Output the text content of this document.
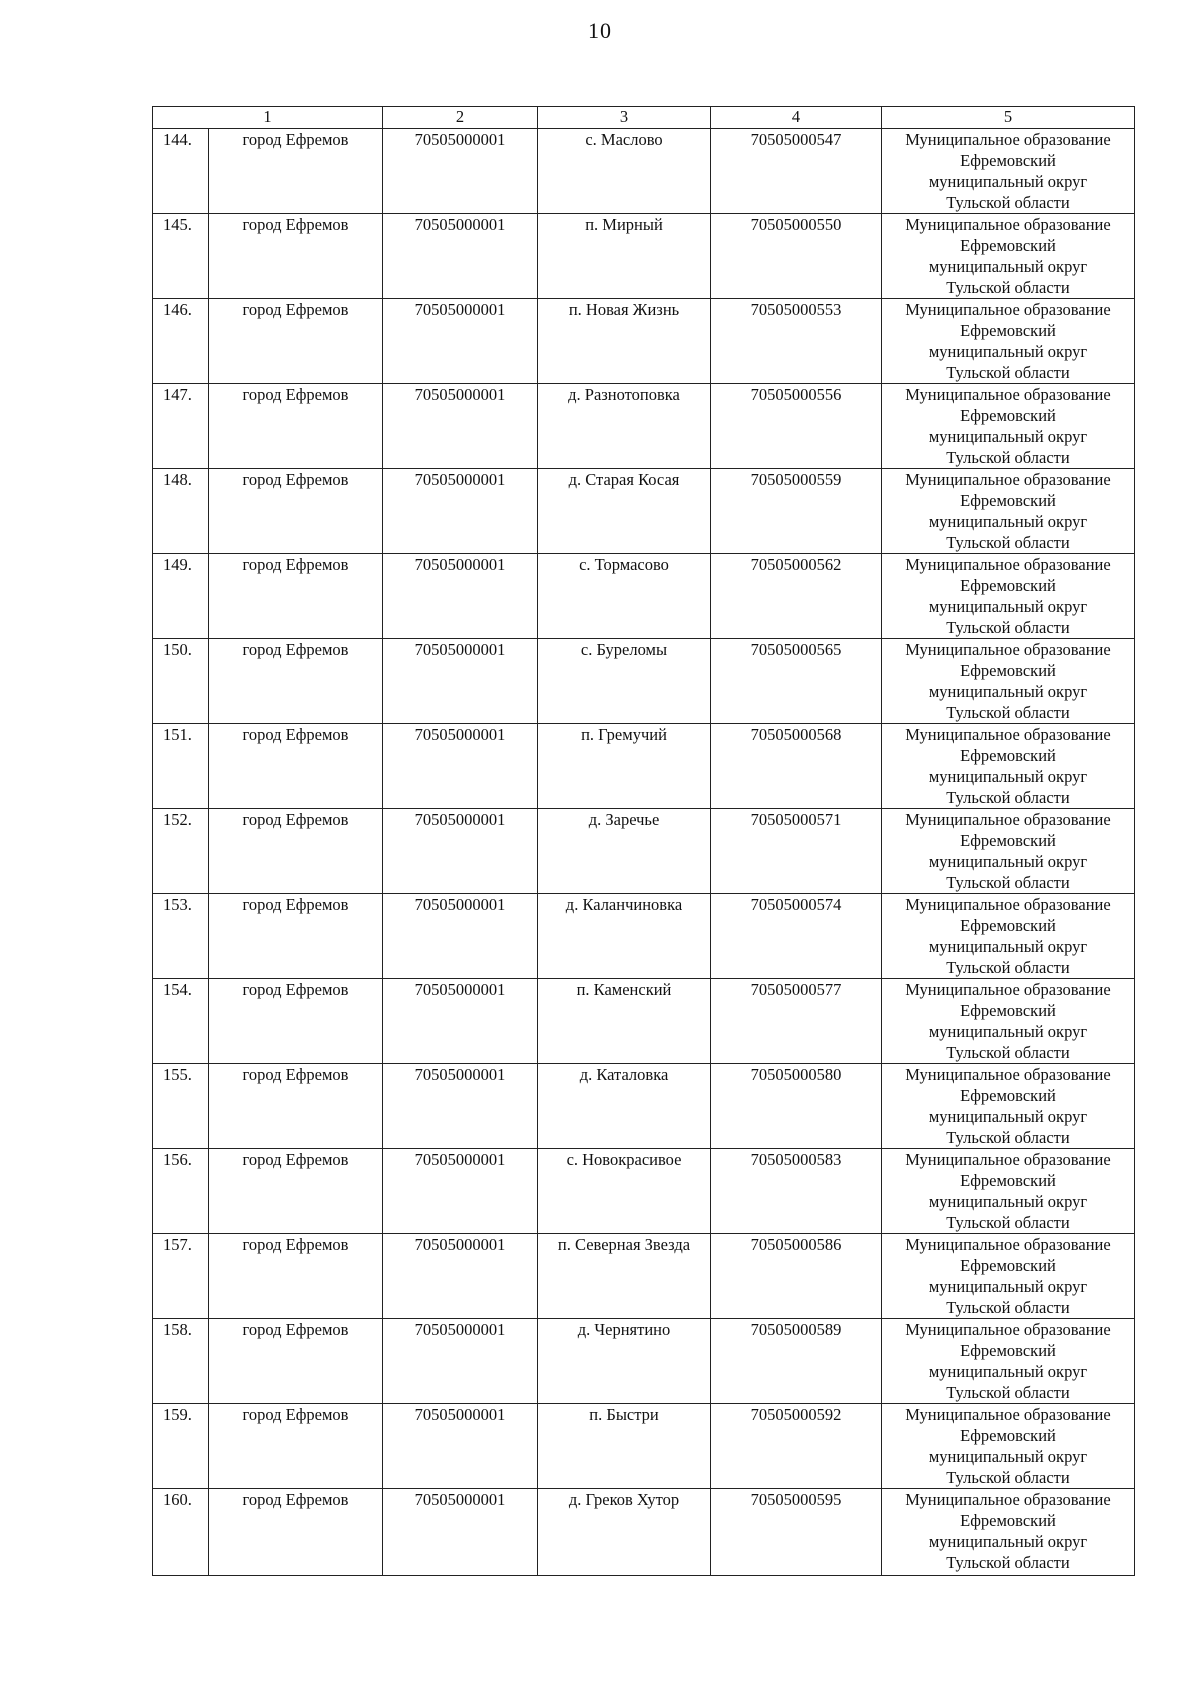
10
1		2	3	4	5
144.	город Ефремов	70505000001	с. Маслово	70505000547	Муниципальное образование
Ефремовский
муниципальный округ
Тульской области

145.	город Ефремов	70505000001	п. Мирный	70505000550	Муниципальное образование
Ефремовский
муниципальный округ
Тульской области

146.	город Ефремов	70505000001	п. Новая Жизнь	70505000553	Муниципальное образование
Ефремовский
муниципальный округ
Тульской области

147.	город Ефремов	70505000001	д. Разнотоповка	70505000556	Муниципальное образование
Ефремовский
муниципальный округ
Тульской области

148.	город Ефремов	70505000001	д. Старая Косая	70505000559	Муниципальное образование
Ефремовский
муниципальный округ
Тульской области

149.	город Ефремов	70505000001	с. Тормасово	70505000562	Муниципальное образование
Ефремовский
муниципальный округ
Тульской области

150.	город Ефремов	70505000001	с. Буреломы	70505000565	Муниципальное образование
Ефремовский
муниципальный округ
Тульской области

151.	город Ефремов	70505000001	п. Гремучий	70505000568	Муниципальное образование
Ефремовский
муниципальный округ
Тульской области

152.	город Ефремов	70505000001	д. Заречье	70505000571	Муниципальное образование
Ефремовский
муниципальный округ
Тульской области

153.	город Ефремов	70505000001	д. Каланчиновка	70505000574	Муниципальное образование
Ефремовский
муниципальный округ
Тульской области

154.	город Ефремов	70505000001	п. Каменский	70505000577	Муниципальное образование
Ефремовский
муниципальный округ
Тульской области

155.	город Ефремов	70505000001	д. Каталовка	70505000580	Муниципальное образование
Ефремовский
муниципальный округ
Тульской области

156.	город Ефремов	70505000001	с. Новокрасивое	70505000583	Муниципальное образование
Ефремовский
муниципальный округ
Тульской области

157.	город Ефремов	70505000001	п. Северная Звезда	70505000586	Муниципальное образование
Ефремовский
муниципальный округ
Тульской области

158.	город Ефремов	70505000001	д. Чернятино	70505000589	Муниципальное образование
Ефремовский
муниципальный округ
Тульской области

159.	город Ефремов	70505000001	п. Быстри	70505000592	Муниципальное образование
Ефремовский
муниципальный округ
Тульской области

160.	город Ефремов	70505000001	д. Греков Хутор	70505000595	Муниципальное образование
Ефремовский
муниципальный округ
Тульской области
